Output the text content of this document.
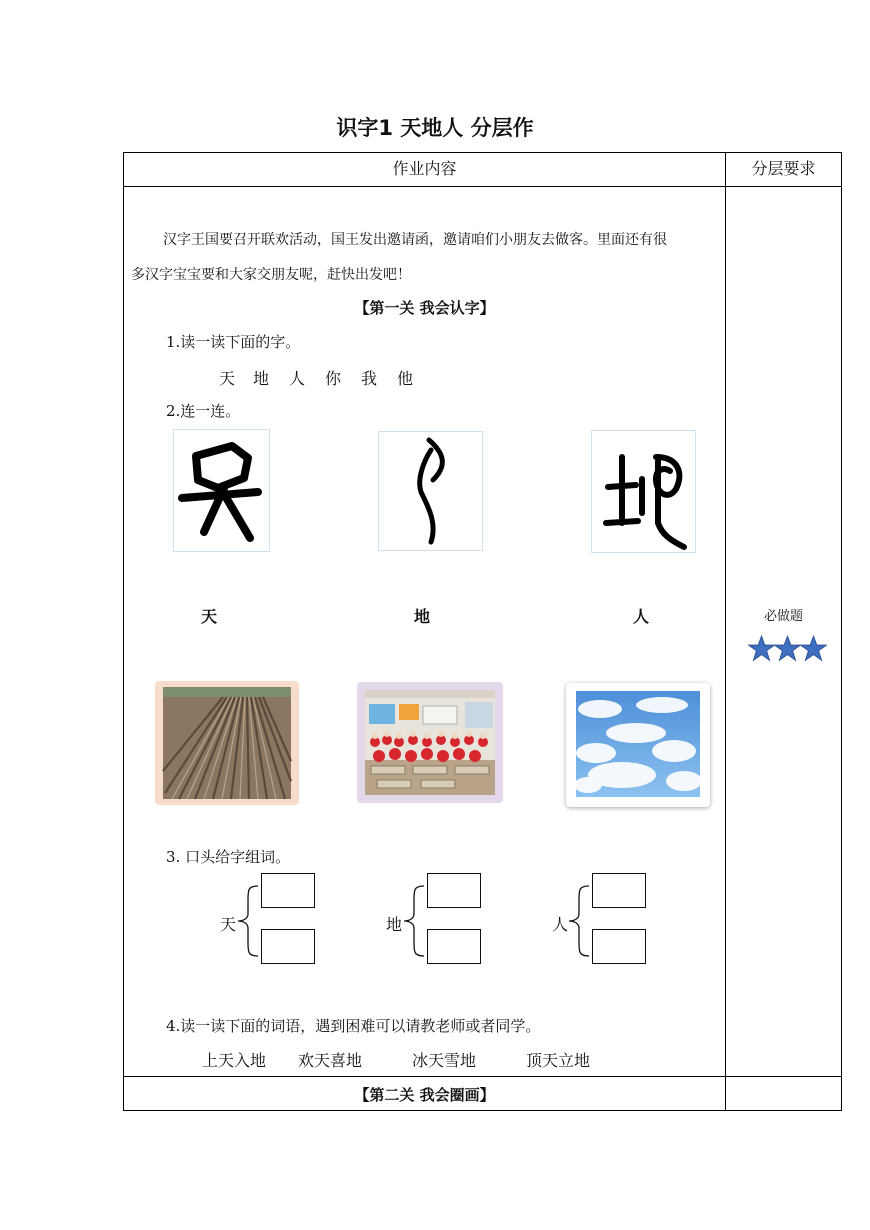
识字1 天地人 分层作
作业内容	分层要求
汉字王国要召开联欢活动，国王发出邀请函，邀请咱们小朋友去做客。里面还有很
多汉字宝宝要和大家交朋友呢，赶快出发吧！
【第一关 我会认字】
1.读一读下面的字。
天 地 人 你 我 他
2.连一连。
天	地	人
3. 口头给字组词。
天	地	人
4.读一读下面的词语，遇到困难可以请教老师或者同学。
上天入地 欢天喜地	冰天雪地	顶天立地
必做题
【第二关 我会圈画】
